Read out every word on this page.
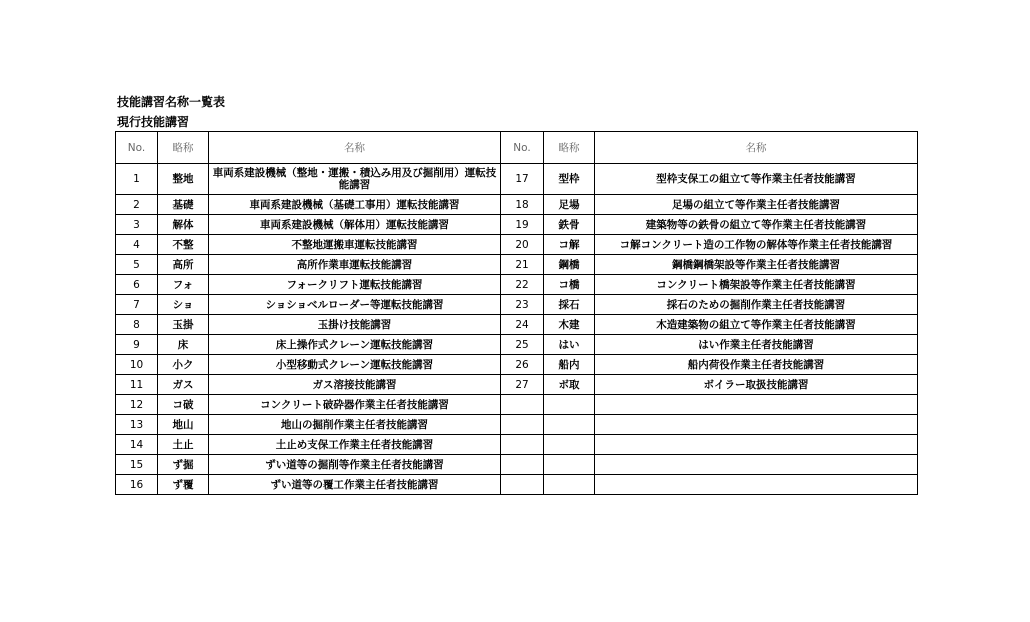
技能講習名称一覧表
現行技能講習
No.	略称	名称	No.	略称	名称
1	整地	車両系建設機械（整地・運搬・積込み用及び掘削用）運転技能講習	17	型枠	型枠支保工の組立て等作業主任者技能講習
2	基礎	車両系建設機械（基礎工事用）運転技能講習	18	足場	足場の組立て等作業主任者技能講習
3	解体	車両系建設機械（解体用）運転技能講習	19	鉄骨	建築物等の鉄骨の組立て等作業主任者技能講習
4	不整	不整地運搬車運転技能講習	20	コ解	コ解コンクリート造の工作物の解体等作業主任者技能講習
5	高所	高所作業車運転技能講習	21	鋼橋	鋼橋鋼橋架設等作業主任者技能講習
6	フォ	フォークリフト運転技能講習	22	コ橋	コンクリート橋架設等作業主任者技能講習
7	ショ	ショショベルローダー等運転技能講習	23	採石	採石のための掘削作業主任者技能講習
8	玉掛	玉掛け技能講習	24	木建	木造建築物の組立て等作業主任者技能講習
9	床	床上操作式クレーン運転技能講習	25	はい	はい作業主任者技能講習
10	小ク	小型移動式クレーン運転技能講習	26	船内	船内荷役作業主任者技能講習
11	ガス	ガス溶接技能講習	27	ボ取	ボイラー取扱技能講習
12	コ破	コンクリート破砕器作業主任者技能講習			
13	地山	地山の掘削作業主任者技能講習			
14	土止	土止め支保工作業主任者技能講習			
15	ず掘	ずい道等の掘削等作業主任者技能講習			
16	ず覆	ずい道等の覆工作業主任者技能講習			
